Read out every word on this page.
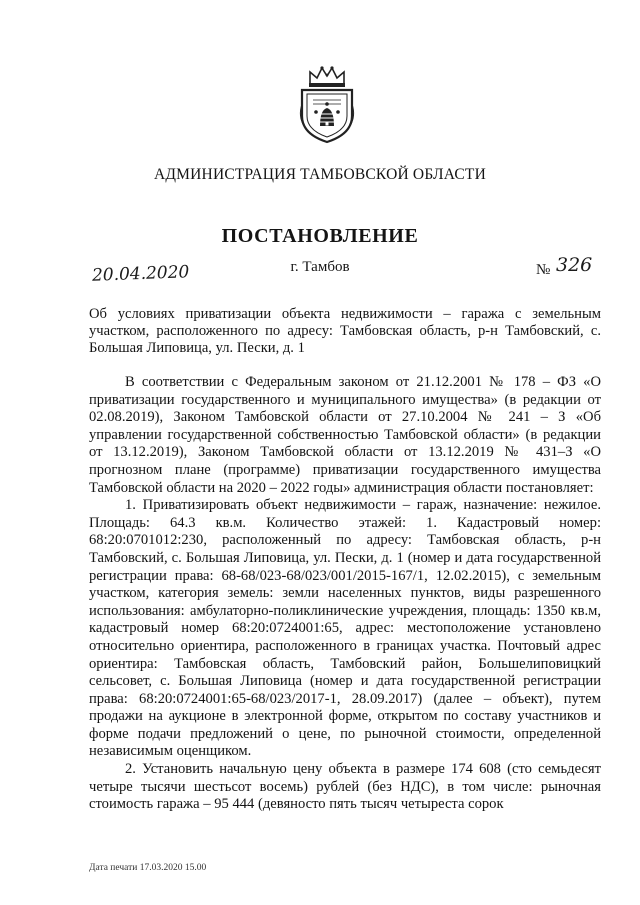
АДМИНИСТРАЦИЯ ТАМБОВСКОЙ ОБЛАСТИ
ПОСТАНОВЛЕНИЕ
20.04.2020	г. Тамбов	№ 326
Об условиях приватизации объекта недвижимости – гаража с земельным участком, расположенного по адресу: Тамбовская область, р-н Тамбовский, с. Большая Липовица, ул. Пески, д. 1

В соответствии с Федеральным законом от 21.12.2001 № 178 – ФЗ «О приватизации государственного и муниципального имущества» (в редакции от 02.08.2019), Законом Тамбовской области от 27.10.2004 № 241 – З «Об управлении государственной собственностью Тамбовской области» (в редакции от 13.12.2019), Законом Тамбовской области от 13.12.2019 № 431–З «О прогнозном плане (программе) приватизации государственного имущества Тамбовской области на 2020 – 2022 годы» администрация области постановляет:

1. Приватизировать объект недвижимости – гараж, назначение: нежилое. Площадь: 64.3 кв.м. Количество этажей: 1. Кадастровый номер: 68:20:0701012:230, расположенный по адресу: Тамбовская область, р-н Тамбовский, с. Большая Липовица, ул. Пески, д. 1 (номер и дата государственной регистрации права: 68-68/023-68/023/001/2015-167/1, 12.02.2015), с земельным участком, категория земель: земли населенных пунктов, виды разрешенного использования: амбулаторно-поликлинические учреждения, площадь: 1350 кв.м, кадастровый номер 68:20:0724001:65, адрес: местоположение установлено относительно ориентира, расположенного в границах участка. Почтовый адрес ориентира: Тамбовская область, Тамбовский район, Большелиповицкий сельсовет, с. Большая Липовица (номер и дата государственной регистрации права: 68:20:0724001:65-68/023/2017-1, 28.09.2017) (далее – объект), путем продажи на аукционе в электронной форме, открытом по составу участников и форме подачи предложений о цене, по рыночной стоимости, определенной независимым оценщиком.

2. Установить начальную цену объекта в размере 174 608 (сто семьдесят четыре тысячи шестьсот восемь) рублей (без НДС), в том числе: рыночная стоимость гаража – 95 444 (девяносто пять тысяч четыреста сорок

Дата печати 17.03.2020 15.00
